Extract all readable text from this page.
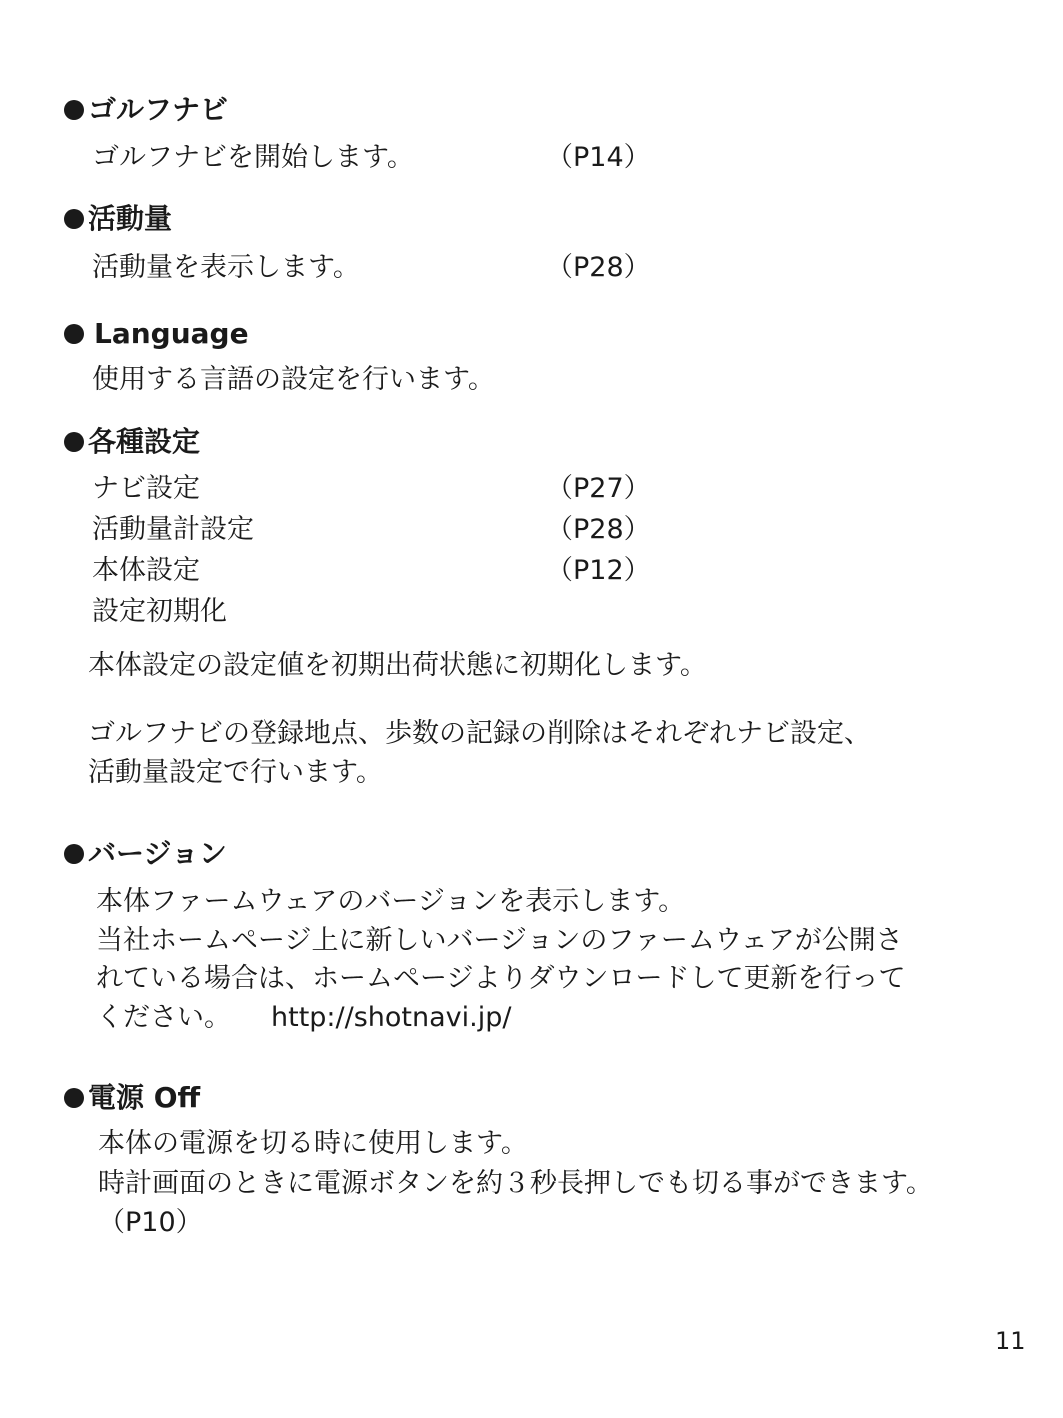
ゴルフナビ
ゴルフナビを開始します。	（P14）
活動量
活動量を表示します。	（P28）
Language
使用する言語の設定を行います。
各種設定
ナビ設定	（P27）
活動量計設定	（P28）
本体設定	（P12）
設定初期化
本体設定の設定値を初期出荷状態に初期化します。
ゴルフナビの登録地点、歩数の記録の削除はそれぞれナビ設定、
活動量設定で行います。
バージョン
本体ファームウェアのバージョンを表示します。
当社ホームページ上に新しいバージョンのファームウェアが公開さ
れている場合は、ホームページよりダウンロードして更新を行って
ください。 http://shotnavi.jp/
電源 Off
本体の電源を切る時に使用します。
時計画面のときに電源ボタンを約３秒長押しでも切る事ができます。
（P10）
11
